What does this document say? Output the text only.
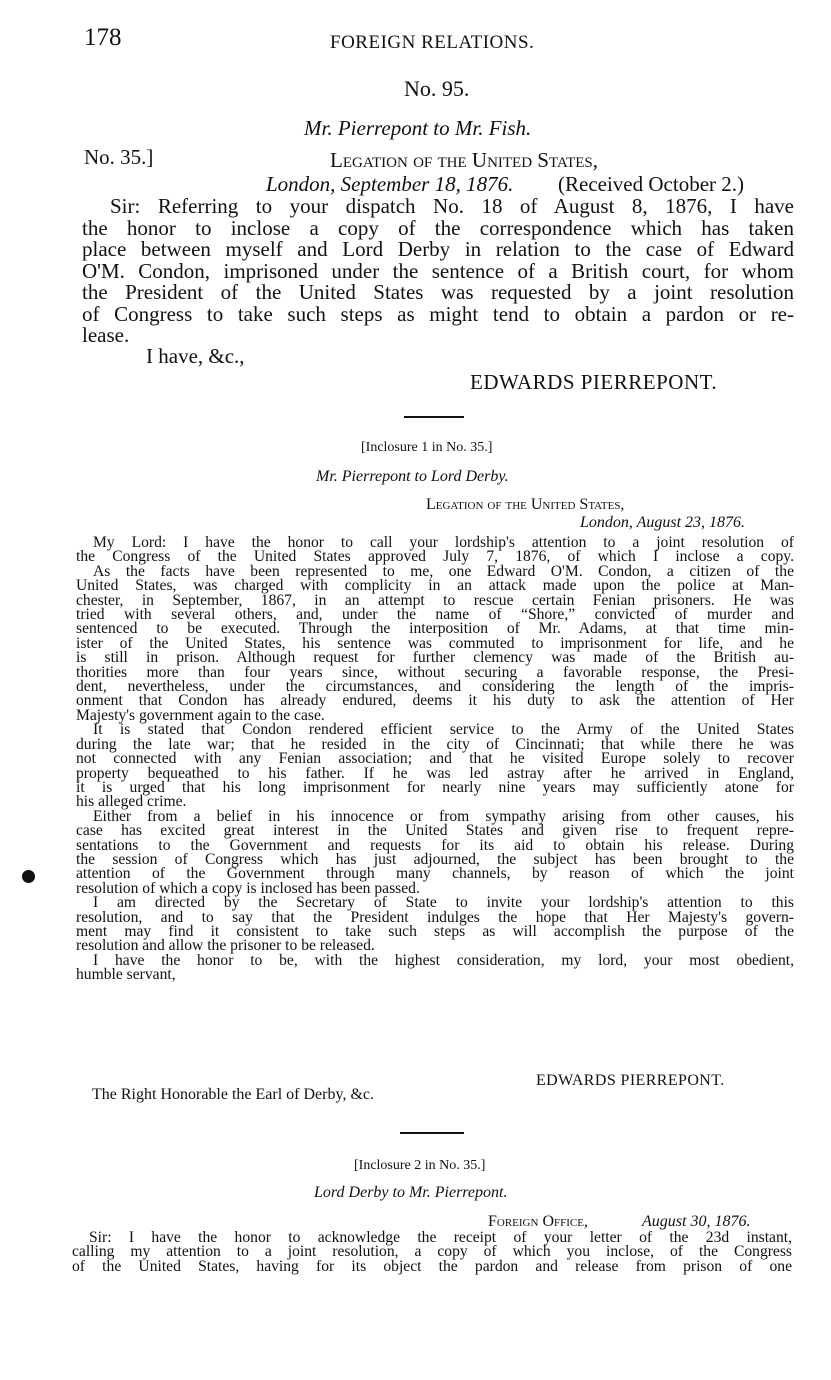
178	FOREIGN RELATIONS.
No. 95.
Mr. Pierrepont to Mr. Fish.
No. 35.]	Legation of the United States,
London, September 18, 1876. (Received October 2.)

Sir: Referring to your dispatch No. 18 of August 8, 1876, I have

the honor to inclose a copy of the correspondence which has taken

place between myself and Lord Derby in relation to the case of Edward

O'M. Condon, imprisoned under the sentence of a British court, for whom

the President of the United States was requested by a joint resolution

of Congress to take such steps as might tend to obtain a pardon or re-

lease.

I have, &c.,
EDWARDS PIERREPONT.
[Inclosure 1 in No. 35.]
Mr. Pierrepont to Lord Derby.
Legation of the United States,
London, August 23, 1876.

My Lord: I have the honor to call your lordship's attention to a joint resolution of

the Congress of the United States approved July 7, 1876, of which I inclose a copy.

As the facts have been represented to me, one Edward O'M. Condon, a citizen of the

United States, was charged with complicity in an attack made upon the police at Man-

chester, in September, 1867, in an attempt to rescue certain Fenian prisoners. He was

tried with several others, and, under the name of “Shore,” convicted of murder and

sentenced to be executed. Through the interposition of Mr. Adams, at that time min-

ister of the United States, his sentence was commuted to imprisonment for life, and he

is still in prison. Although request for further clemency was made of the British au-

thorities more than four years since, without securing a favorable response, the Presi-

dent, nevertheless, under the circumstances, and considering the length of the impris-

onment that Condon has already endured, deems it his duty to ask the attention of Her

Majesty's government again to the case.

It is stated that Condon rendered efficient service to the Army of the United States

during the late war; that he resided in the city of Cincinnati; that while there he was

not connected with any Fenian association; and that he visited Europe solely to recover

property bequeathed to his father. If he was led astray after he arrived in England,

it is urged that his long imprisonment for nearly nine years may sufficiently atone for

his alleged crime.

Either from a belief in his innocence or from sympathy arising from other causes, his

case has excited great interest in the United States and given rise to frequent repre-

sentations to the Government and requests for its aid to obtain his release. During

the session of Congress which has just adjourned, the subject has been brought to the

attention of the Government through many channels, by reason of which the joint

resolution of which a copy is inclosed has been passed.

I am directed by the Secretary of State to invite your lordship's attention to this

resolution, and to say that the President indulges the hope that Her Majesty's govern-

ment may find it consistent to take such steps as will accomplish the purpose of the

resolution and allow the prisoner to be released.

I have the honor to be, with the highest consideration, my lord, your most obedient,

humble servant,

EDWARDS PIERREPONT.
The Right Honorable the Earl of Derby, &c.
[Inclosure 2 in No. 35.]
Lord Derby to Mr. Pierrepont.
Foreign Office,	August 30, 1876.

Sir: I have the honor to acknowledge the receipt of your letter of the 23d instant,

calling my attention to a joint resolution, a copy of which you inclose, of the Congress

of the United States, having for its object the pardon and release from prison of one
